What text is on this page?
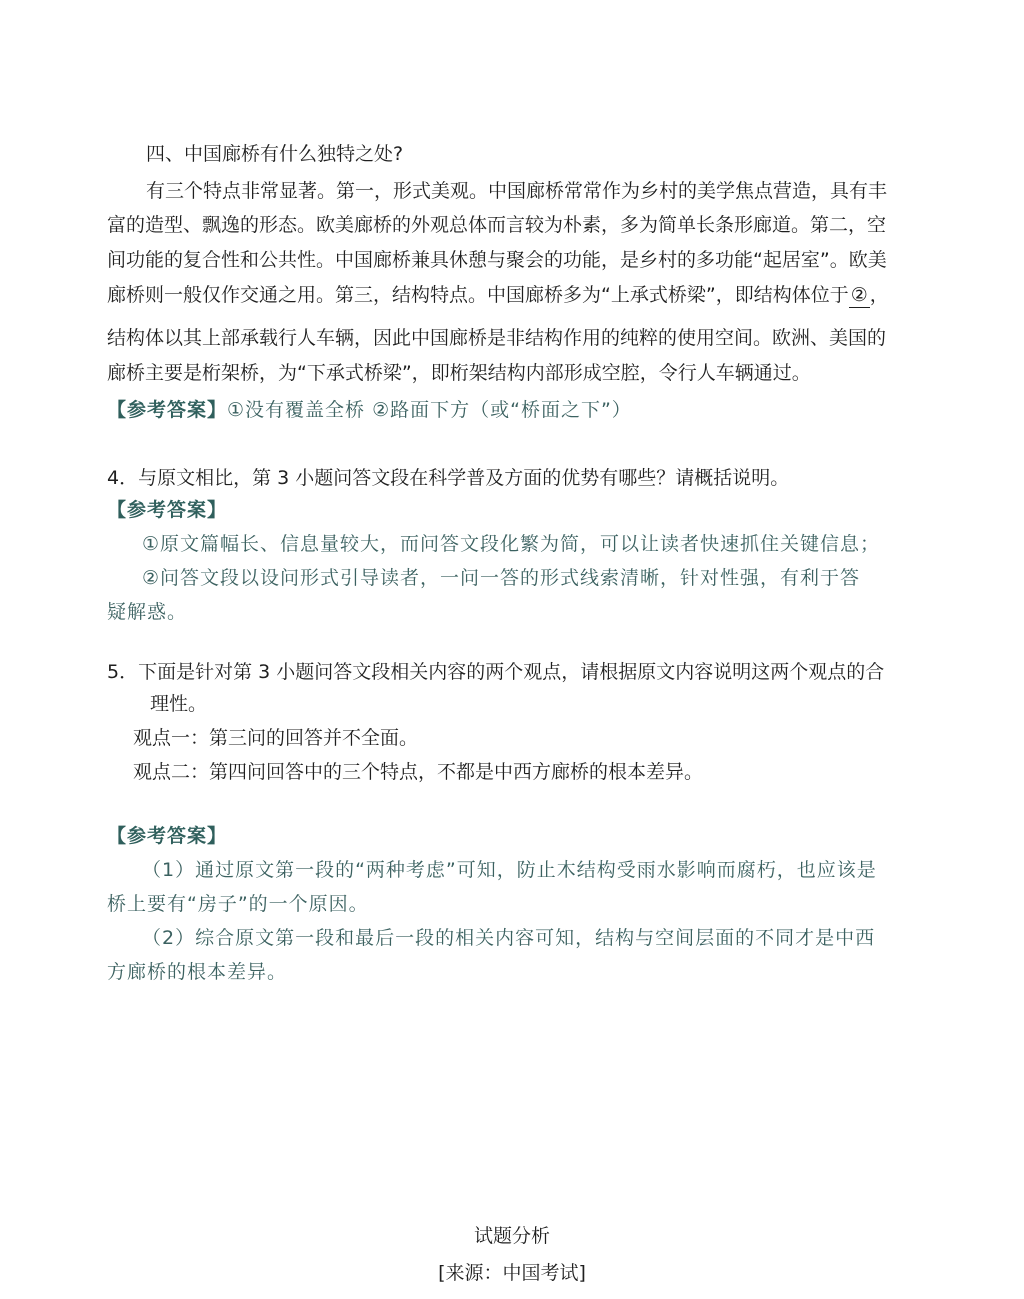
四、中国廊桥有什么独特之处?
有三个特点非常显著。第一，形式美观。中国廊桥常常作为乡村的美学焦点营造，具有丰
富的造型、飘逸的形态。欧美廊桥的外观总体而言较为朴素，多为简单长条形廊道。第二，空
间功能的复合性和公共性。中国廊桥兼具休憩与聚会的功能，是乡村的多功能“起居室”。欧美
廊桥则一般仅作交通之用。第三，结构特点。中国廊桥多为“上承式桥梁”，即结构体位于 ② ，
结构体以其上部承载行人车辆，因此中国廊桥是非结构作用的纯粹的使用空间。欧洲、美国的
廊桥主要是桁架桥，为“下承式桥梁”，即桁架结构内部形成空腔，令行人车辆通过。
【参考答案】①没有覆盖全桥 ②路面下方（或“桥面之下”）
4．与原文相比，第 3 小题问答文段在科学普及方面的优势有哪些？请概括说明。
【参考答案】
①原文篇幅长、信息量较大，而问答文段化繁为简，可以让读者快速抓住关键信息；
②问答文段以设问形式引导读者，一问一答的形式线索清晰，针对性强，有利于答
疑解惑。
5．下面是针对第 3 小题问答文段相关内容的两个观点，请根据原文内容说明这两个观点的合
理性。
观点一：第三问的回答并不全面。
观点二：第四问回答中的三个特点，不都是中西方廊桥的根本差异。
【参考答案】
（1）通过原文第一段的“两种考虑”可知，防止木结构受雨水影响而腐朽，也应该是
桥上要有“房子”的一个原因。
（2）综合原文第一段和最后一段的相关内容可知，结构与空间层面的不同才是中西
方廊桥的根本差异。
试题分析
[来源：中国考试]
